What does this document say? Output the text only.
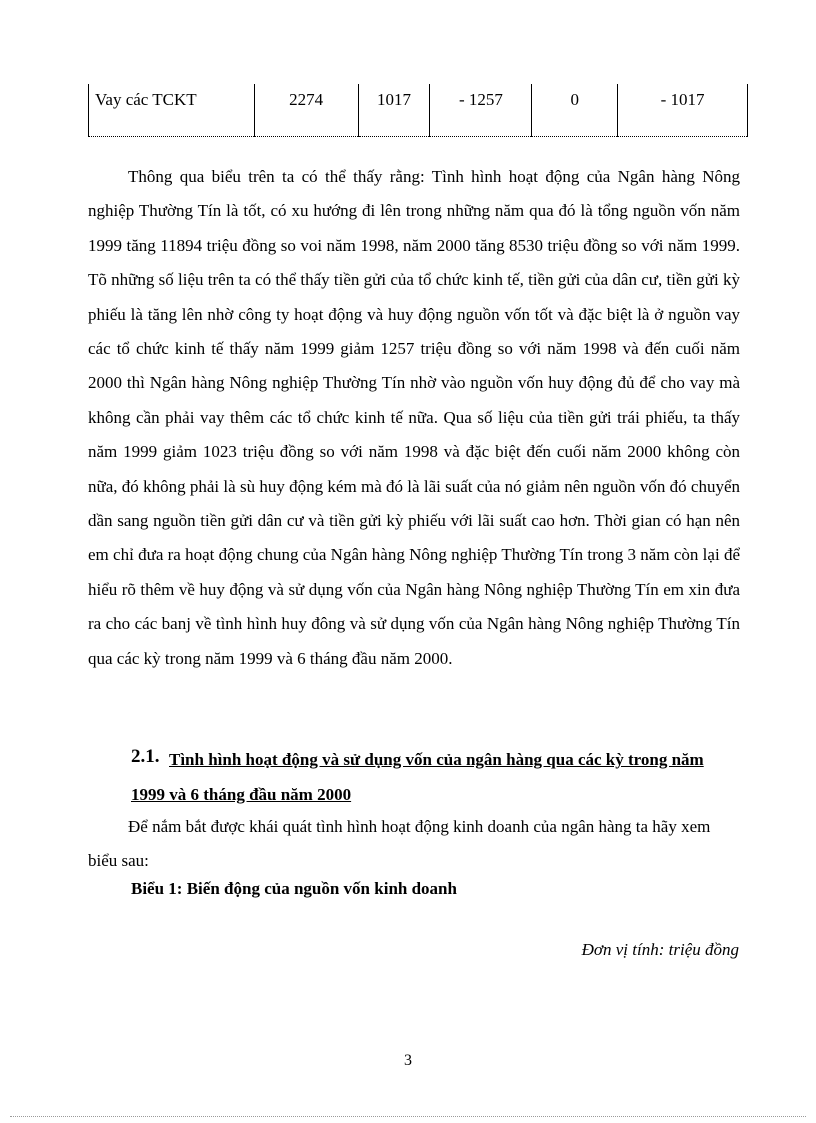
Vay các TCKT	2274	1017	- 1257	0	- 1017

Thông qua biểu trên ta có thể thấy rằng: Tình hình hoạt động của Ngân hàng Nông nghiệp Thường Tín là tốt, có xu hướng đi lên trong những năm qua đó là tổng nguồn vốn năm 1999 tăng 11894 triệu đồng so voi năm 1998, năm 2000 tăng 8530 triệu đồng so với năm 1999. Tõ những số liệu trên ta có thể thấy tiền gửi của tổ chức kinh tế, tiền gửi của dân cư, tiền gửi kỳ phiếu là tăng lên nhờ công ty hoạt động và huy động nguồn vốn tốt và đặc biệt là ở nguồn vay các tổ chức kinh tế thấy năm 1999 giảm 1257 triệu đồng so với năm 1998 và đến cuối năm 2000 thì Ngân hàng Nông nghiệp Thường Tín nhờ vào nguồn vốn huy động đủ để cho vay mà không cần phải vay thêm các tổ chức kinh tế nữa. Qua số liệu của tiền gửi trái phiếu, ta thấy năm 1999 giảm 1023 triệu đồng so với năm 1998 và đặc biệt đến cuối năm 2000 không còn nữa, đó không phải là sù huy động kém mà đó là lãi suất của nó giảm nên nguồn vốn đó chuyển dần sang nguồn tiền gửi dân cư và tiền gửi kỳ phiếu với lãi suất cao hơn. Thời gian có hạn nên em chỉ đưa ra hoạt động chung của Ngân hàng Nông nghiệp Thường Tín trong 3 năm còn lại để hiểu rõ thêm về huy động và sử dụng vốn của Ngân hàng Nông nghiệp Thường Tín em xin đưa ra cho các banj về tình hình huy đông và sử dụng vốn của Ngân hàng Nông nghiệp Thường Tín qua các kỳ trong năm 1999 và 6 tháng đầu năm 2000.

2.1. Tình hình hoạt động và sử dụng vốn của ngân hàng qua các kỳ trong năm 1999 và 6 tháng đầu năm 2000

Để nắm bắt được khái quát tình hình hoạt động kinh doanh của ngân hàng ta hãy xem biểu sau:

Biểu 1: Biến động của nguồn vốn kinh doanh
Đơn vị tính: triệu đồng
3
